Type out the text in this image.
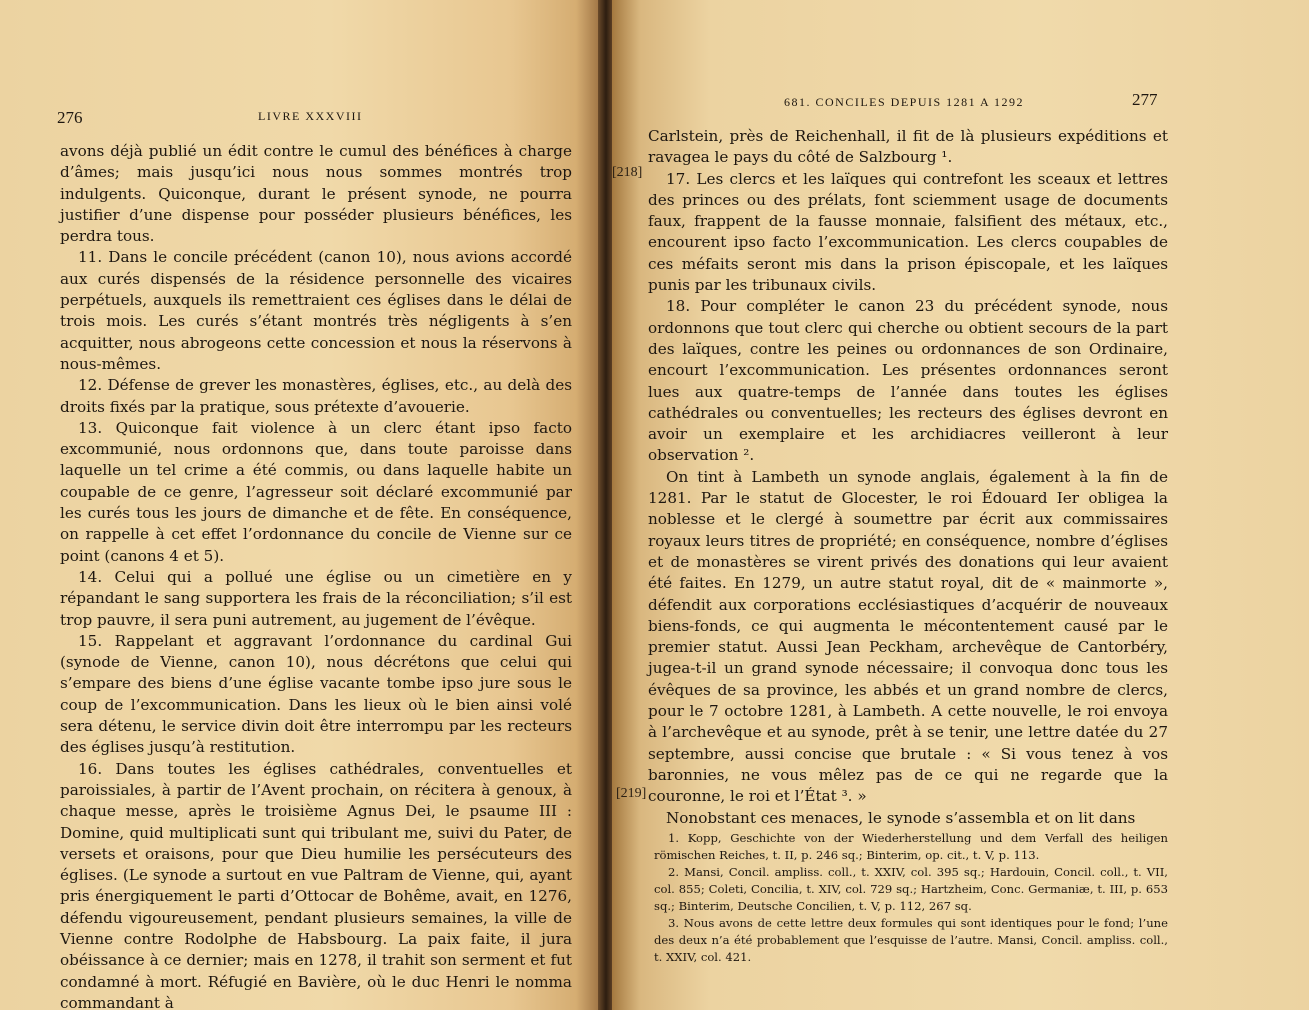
276	LIVRE XXXVIII

avons déjà publié un édit contre le cumul des bénéfices à charge d’âmes; mais jusqu’ici nous nous sommes montrés trop indulgents. Quiconque, durant le présent synode, ne pourra justifier d’une dispense pour posséder plusieurs bénéfices, les perdra tous.

11. Dans le concile précédent (canon 10), nous avions accordé aux curés dispensés de la résidence personnelle des vicaires perpétuels, auxquels ils remettraient ces églises dans le délai de trois mois. Les curés s’étant montrés très négligents à s’en acquitter, nous abrogeons cette concession et nous la réservons à nous-mêmes.

12. Défense de grever les monastères, églises, etc., au delà des droits fixés par la pratique, sous prétexte d’avouerie.

13. Quiconque fait violence à un clerc étant ipso facto excommunié, nous ordonnons que, dans toute paroisse dans laquelle un tel crime a été commis, ou dans laquelle habite un coupable de ce genre, l’agresseur soit déclaré excommunié par les curés tous les jours de dimanche et de fête. En conséquence, on rappelle à cet effet l’ordonnance du concile de Vienne sur ce point (canons 4 et 5).

14. Celui qui a pollué une église ou un cimetière en y répandant le sang supportera les frais de la réconciliation; s’il est trop pauvre, il sera puni autrement, au jugement de l’évêque.

15. Rappelant et aggravant l’ordonnance du cardinal Gui (synode de Vienne, canon 10), nous décrétons que celui qui s’empare des biens d’une église vacante tombe ipso jure sous le coup de l’excommunication. Dans les lieux où le bien ainsi volé sera détenu, le service divin doit être interrompu par les recteurs des églises jusqu’à restitution.

16. Dans toutes les églises cathédrales, conventuelles et paroissiales, à partir de l’Avent prochain, on récitera à genoux, à chaque messe, après le troisième Agnus Dei, le psaume III : Domine, quid multiplicati sunt qui tribulant me, suivi du Pater, de versets et oraisons, pour que Dieu humilie les persécuteurs des églises. (Le synode a surtout en vue Paltram de Vienne, qui, ayant pris énergiquement le parti d’Ottocar de Bohême, avait, en 1276, défendu vigoureusement, pendant plusieurs semaines, la ville de Vienne contre Rodolphe de Habsbourg. La paix faite, il jura obéissance à ce dernier; mais en 1278, il trahit son serment et fut condamné à mort. Réfugié en Bavière, où le duc Henri le nomma commandant à

681. CONCILES DEPUIS 1281 A 1292	277
[218]
[219]

Carlstein, près de Reichenhall, il fit de là plusieurs expéditions et ravagea le pays du côté de Salzbourg ¹.

17. Les clercs et les laïques qui contrefont les sceaux et lettres des princes ou des prélats, font sciemment usage de documents faux, frappent de la fausse monnaie, falsifient des métaux, etc., encourent ipso facto l’excommunication. Les clercs coupables de ces méfaits seront mis dans la prison épiscopale, et les laïques punis par les tribunaux civils.

18. Pour compléter le canon 23 du précédent synode, nous ordonnons que tout clerc qui cherche ou obtient secours de la part des laïques, contre les peines ou ordonnances de son Ordinaire, encourt l’excommunication. Les présentes ordonnances seront lues aux quatre-temps de l’année dans toutes les églises cathédrales ou conventuelles; les recteurs des églises devront en avoir un exemplaire et les archidiacres veilleront à leur observation ².

On tint à Lambeth un synode anglais, également à la fin de 1281. Par le statut de Glocester, le roi Édouard Ier obligea la noblesse et le clergé à soumettre par écrit aux commissaires royaux leurs titres de propriété; en conséquence, nombre d’églises et de monastères se virent privés des donations qui leur avaient été faites. En 1279, un autre statut royal, dit de « mainmorte », défendit aux corporations ecclésiastiques d’acquérir de nouveaux biens-fonds, ce qui augmenta le mécontentement causé par le premier statut. Aussi Jean Peckham, archevêque de Cantorbéry, jugea-t-il un grand synode nécessaire; il convoqua donc tous les évêques de sa province, les abbés et un grand nombre de clercs, pour le 7 octobre 1281, à Lambeth. A cette nouvelle, le roi envoya à l’archevêque et au synode, prêt à se tenir, une lettre datée du 27 septembre, aussi concise que brutale : « Si vous tenez à vos baronnies, ne vous mêlez pas de ce qui ne regarde que la couronne, le roi et l’État ³. »

Nonobstant ces menaces, le synode s’assembla et on lit dans

1. Kopp, Geschichte von der Wiederherstellung und dem Verfall des heiligen römischen Reiches, t. II, p. 246 sq.; Binterim, op. cit., t. V, p. 113.

2. Mansi, Concil. ampliss. coll., t. XXIV, col. 395 sq.; Hardouin, Concil. coll., t. VII, col. 855; Coleti, Concilia, t. XIV, col. 729 sq.; Hartzheim, Conc. Germaniæ, t. III, p. 653 sq.; Binterim, Deutsche Concilien, t. V, p. 112, 267 sq.

3. Nous avons de cette lettre deux formules qui sont identiques pour le fond; l’une des deux n’a été probablement que l’esquisse de l’autre. Mansi, Concil. ampliss. coll., t. XXIV, col. 421.
